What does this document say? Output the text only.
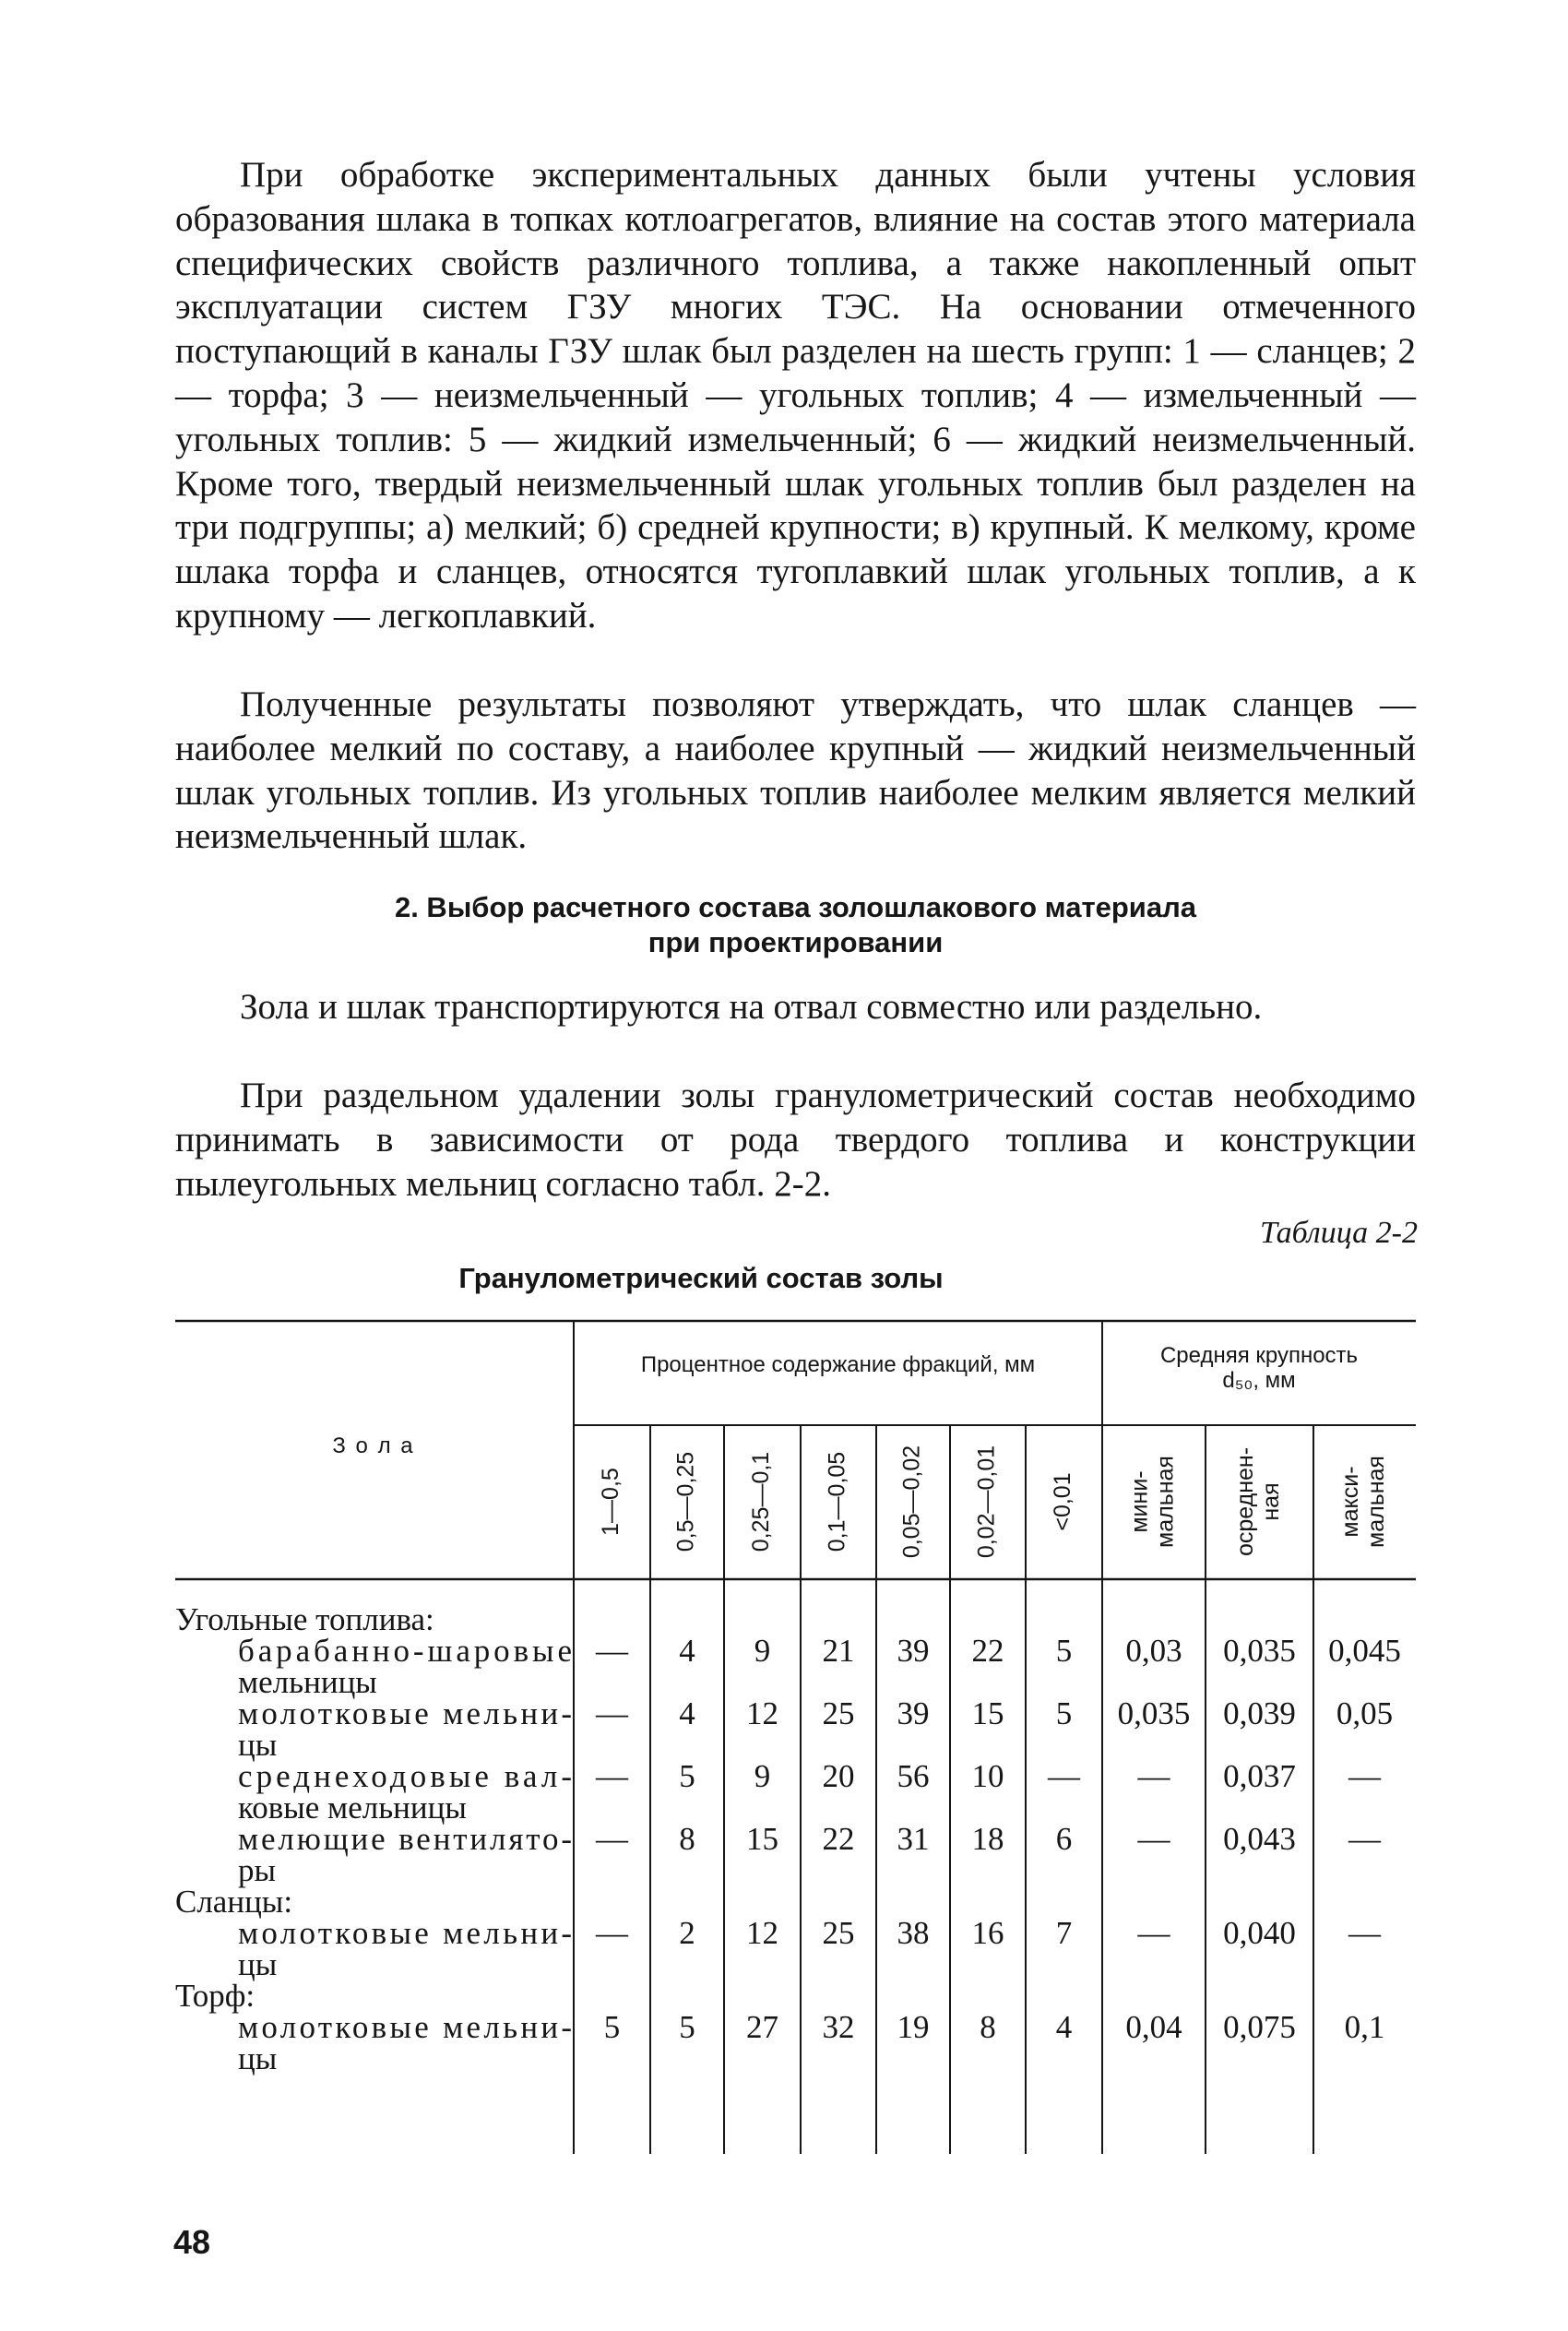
При обработке экспериментальных данных были учтены условия образования шлака в топках котлоагрегатов, влияние на состав этого материала специфических свойств различного топлива, а также накопленный опыт эксплуатации систем ГЗУ многих ТЭС. На основании отмеченного поступающий в каналы ГЗУ шлак был разделен на шесть групп: 1 — сланцев; 2 — торфа; 3 — неизмельченный — угольных топлив; 4 — измельченный — угольных топлив: 5 — жидкий измельченный; 6 — жидкий неизмельченный. Кроме того, твердый неизмельченный шлак угольных топлив был разделен на три подгруппы; а) мелкий; б) средней крупности; в) крупный. К мелкому, кроме шлака торфа и сланцев, относятся тугоплавкий шлак угольных топлив, а к крупному — легкоплавкий.

Полученные результаты позволяют утверждать, что шлак сланцев — наиболее мелкий по составу, а наиболее крупный — жидкий неизмельченный шлак угольных топлив. Из угольных топлив наиболее мелким является мелкий неизмельченный шлак.

2. Выбор расчетного состава золошлакового материала
при проектировании

Зола и шлак транспортируются на отвал совместно или раздельно.

При раздельном удалении золы гранулометрический состав необходимо принимать в зависимости от рода твердого топлива и конструкции пылеугольных мельниц согласно табл. 2-2.

Таблица 2-2

Гранулометрический состав золы

З о л а
Процентное содержание фракций, мм	Средняя крупность
d₅₀, мм
1—0,5 0,5—0,25 0,25—0,1 0,1—0,05 0,05—0,02 0,02—0,01 <0,01 мини- мальная осреднен- ная макси- мальная
Угольные топлива:
барабанно-шаровые — 4 9 21 39 22 5 0,03 0,035 0,045
мельницы
молотковые мельни- — 4 12 25 39 15 5 0,035 0,039 0,05
цы
среднеходовые вал- — 5 9 20 56 10 — — 0,037 —
ковые мельницы
мелющие вентилято- — 8 15 22 31 18 6 — 0,043 —
ры
Сланцы:
молотковые мельни- — 2 12 25 38 16 7 — 0,040 —
цы
Торф:
молотковые мельни- 5 5 27 32 19 8 4 0,04 0,075 0,1
цы

48
